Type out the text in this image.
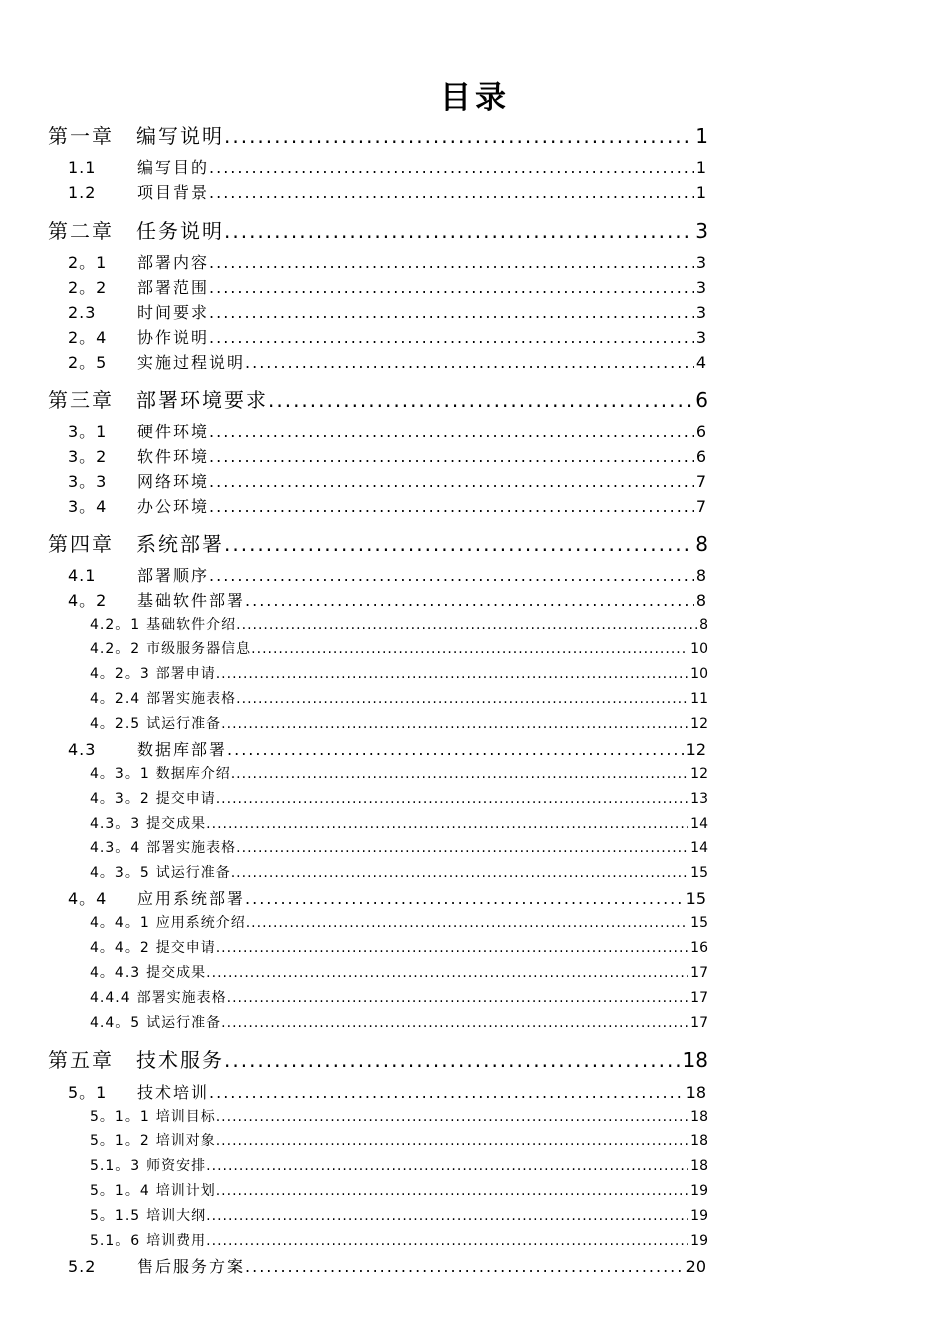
目录
第一章	编写说明 .....	1
1.1	编写目的 .....	1
1.2	项目背景 .....	1
第二章	任务说明 .....	3
2。1	部署内容 .....	3
2。2	部署范围 .....	3
2.3	时间要求 .....	3
2。4	协作说明 .....	3
2。5	实施过程说明 .....	4
第三章	部署环境要求 .....	6
3。1	硬件环境 .....	6
3。2	软件环境 .....	6
3。3	网络环境 .....	7
3。4	办公环境 .....	7
第四章	系统部署 .....	8
4.1	部署顺序 .....	8
4。2	基础软件部署 .....	8
4.2。1 基础软件介绍 .....	8
4.2。2 市级服务器信息 .....	10
4。2。3 部署申请 .....	10
4。2.4 部署实施表格 .....	11
4。2.5 试运行准备 .....	12
4.3	数据库部署 .....	12
4。3。1 数据库介绍 .....	12
4。3。2 提交申请 .....	13
4.3。3 提交成果 .....	14
4.3。4 部署实施表格 .....	14
4。3。5 试运行准备 .....	15
4。4	应用系统部署 .....	15
4。4。1 应用系统介绍 .....	15
4。4。2 提交申请 .....	16
4。4.3 提交成果 .....	17
4.4.4 部署实施表格 .....	17
4.4。5 试运行准备 .....	17
第五章	技术服务 .....	18
5。1	技术培训 .....	18
5。1。1 培训目标 .....	18
5。1。2 培训对象 .....	18
5.1。3 师资安排 .....	18
5。1。4 培训计划 .....	19
5。1.5 培训大纲 .....	19
5.1。6 培训费用 .....	19
5.2	售后服务方案 .....	20
